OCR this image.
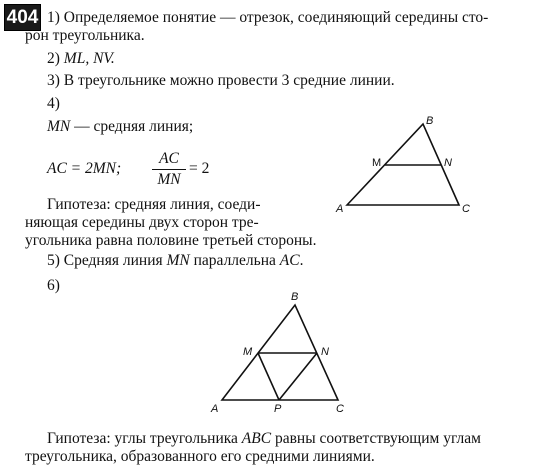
404 1) Определяемое понятие — отрезок, соединяющий середины сто-

рон треугольника.

2) ML, NV.

3) В треугольнике можно провести 3 средние линии.

4)

MN — средняя линия;

AC = 2MN;

AC
MN

= 2

Гипотеза: средняя линия, соеди-

няющая середины двух сторон тре-

угольника равна половине третьей стороны.

5) Средняя линия MN параллельна AC.

6)

Гипотеза: углы треугольника ABC равны соответствующим углам

треугольника, образованного его средними линиями.

A
B
C
M	N
A
B
C
M	N
P
